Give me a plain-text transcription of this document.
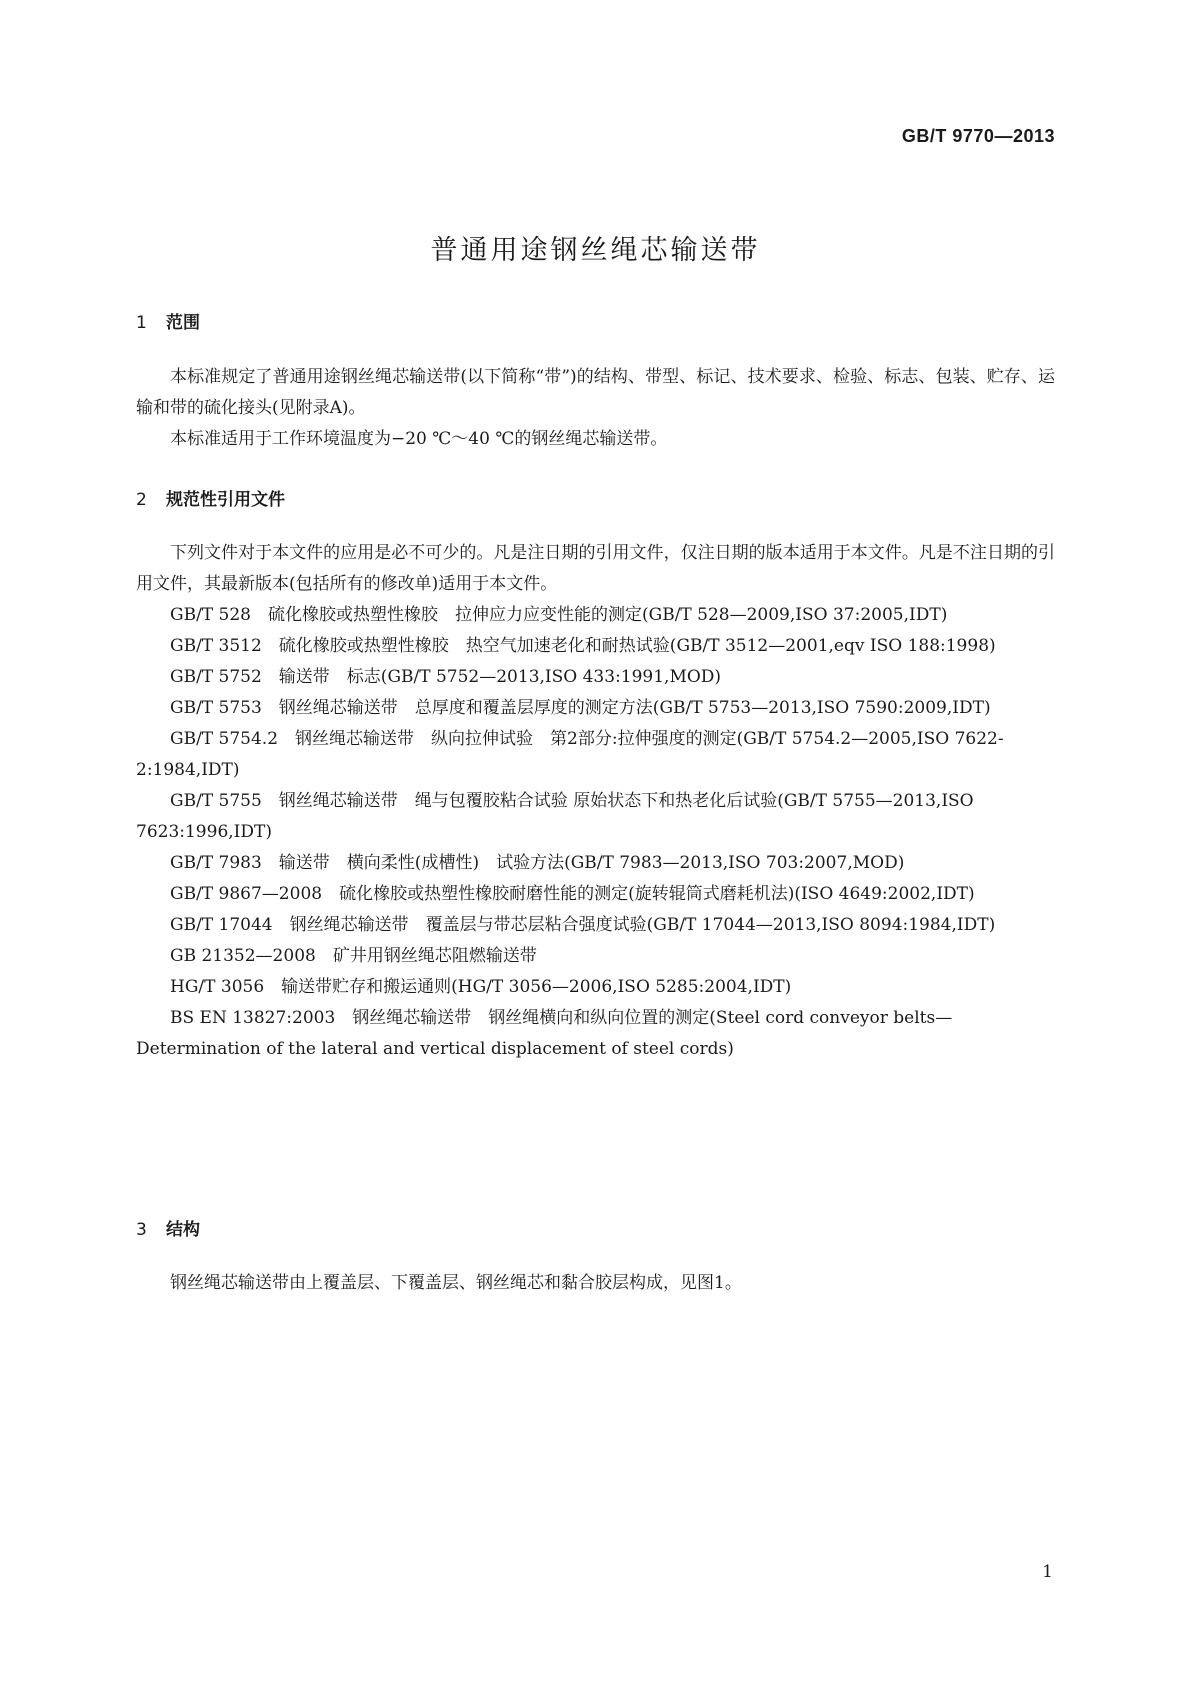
GB/T 9770—2013
普通用途钢丝绳芯输送带
1 范围

本标准规定了普通用途钢丝绳芯输送带(以下简称“带”)的结构、带型、标记、技术要求、检验、标志、包装、贮存、运输和带的硫化接头(见附录A)。

本标准适用于工作环境温度为−20 ℃～40 ℃的钢丝绳芯输送带。

2 规范性引用文件

下列文件对于本文件的应用是必不可少的。凡是注日期的引用文件，仅注日期的版本适用于本文件。凡是不注日期的引用文件，其最新版本(包括所有的修改单)适用于本文件。

GB/T 528　硫化橡胶或热塑性橡胶　拉伸应力应变性能的测定(GB/T 528—2009,ISO 37:2005,IDT)

GB/T 3512　硫化橡胶或热塑性橡胶　热空气加速老化和耐热试验(GB/T 3512—2001,eqv ISO 188:1998)

GB/T 5752　输送带　标志(GB/T 5752—2013,ISO 433:1991,MOD)

GB/T 5753　钢丝绳芯输送带　总厚度和覆盖层厚度的测定方法(GB/T 5753—2013,ISO 7590:2009,IDT)

GB/T 5754.2　钢丝绳芯输送带　纵向拉伸试验　第2部分:拉伸强度的测定(GB/T 5754.2—2005,ISO 7622-2:1984,IDT)

GB/T 5755　钢丝绳芯输送带　绳与包覆胶粘合试验 原始状态下和热老化后试验(GB/T 5755—2013,ISO 7623:1996,IDT)

GB/T 7983　输送带　横向柔性(成槽性)　试验方法(GB/T 7983—2013,ISO 703:2007,MOD)

GB/T 9867—2008　硫化橡胶或热塑性橡胶耐磨性能的测定(旋转辊筒式磨耗机法)(ISO 4649:2002,IDT)

GB/T 17044　钢丝绳芯输送带　覆盖层与带芯层粘合强度试验(GB/T 17044—2013,ISO 8094:1984,IDT)

GB 21352—2008　矿井用钢丝绳芯阻燃输送带

HG/T 3056　输送带贮存和搬运通则(HG/T 3056—2006,ISO 5285:2004,IDT)

BS EN 13827:2003　钢丝绳芯输送带　钢丝绳横向和纵向位置的测定(Steel cord conveyor belts—Determination of the lateral and vertical displacement of steel cords)

3 结构

钢丝绳芯输送带由上覆盖层、下覆盖层、钢丝绳芯和黏合胶层构成，见图1。

1
